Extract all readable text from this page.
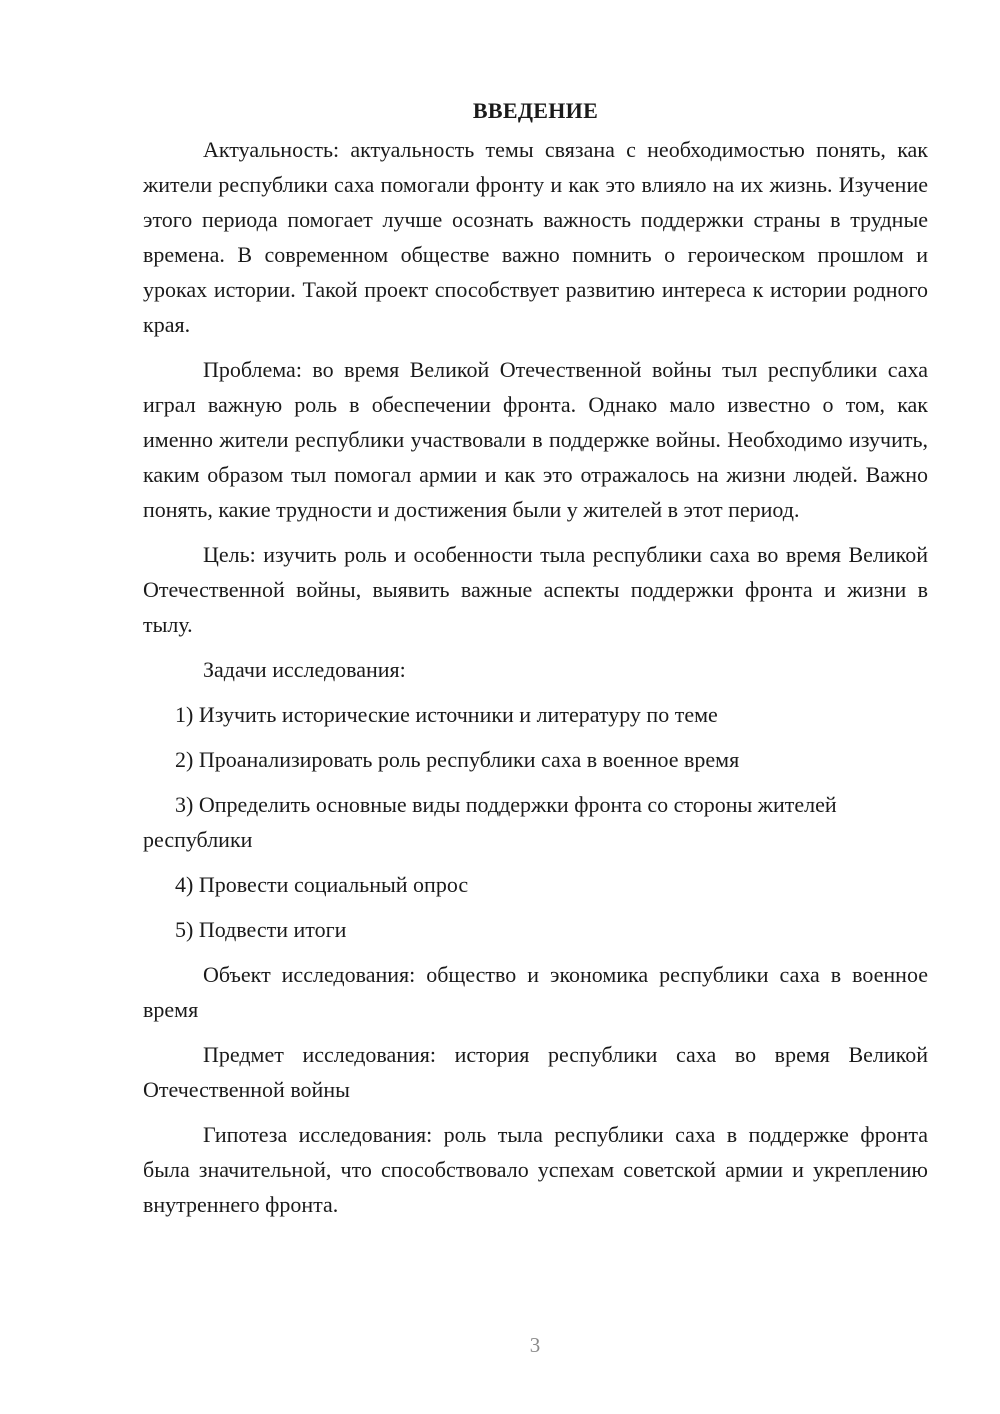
ВВЕДЕНИЕ

Актуальность: актуальность темы связана с необходимостью понять, как жители республики саха помогали фронту и как это влияло на их жизнь. Изучение этого периода помогает лучше осознать важность поддержки страны в трудные времена. В современном обществе важно помнить о героическом прошлом и уроках истории. Такой проект способствует развитию интереса к истории родного края.

Проблема: во время Великой Отечественной войны тыл республики саха играл важную роль в обеспечении фронта. Однако мало известно о том, как именно жители республики участвовали в поддержке войны. Необходимо изучить, каким образом тыл помогал армии и как это отражалось на жизни людей. Важно понять, какие трудности и достижения были у жителей в этот период.

Цель: изучить роль и особенности тыла республики саха во время Великой Отечественной войны, выявить важные аспекты поддержки фронта и жизни в тылу.

Задачи исследования:

1) Изучить исторические источники и литературу по теме

2) Проанализировать роль республики саха в военное время

3) Определить основные виды поддержки фронта со стороны жителей республики

4) Провести социальный опрос

5) Подвести итоги

Объект исследования: общество и экономика республики саха в военное время

Предмет исследования: история республики саха во время Великой Отечественной войны

Гипотеза исследования: роль тыла республики саха в поддержке фронта была значительной, что способствовало успехам советской армии и укреплению внутреннего фронта.

3
